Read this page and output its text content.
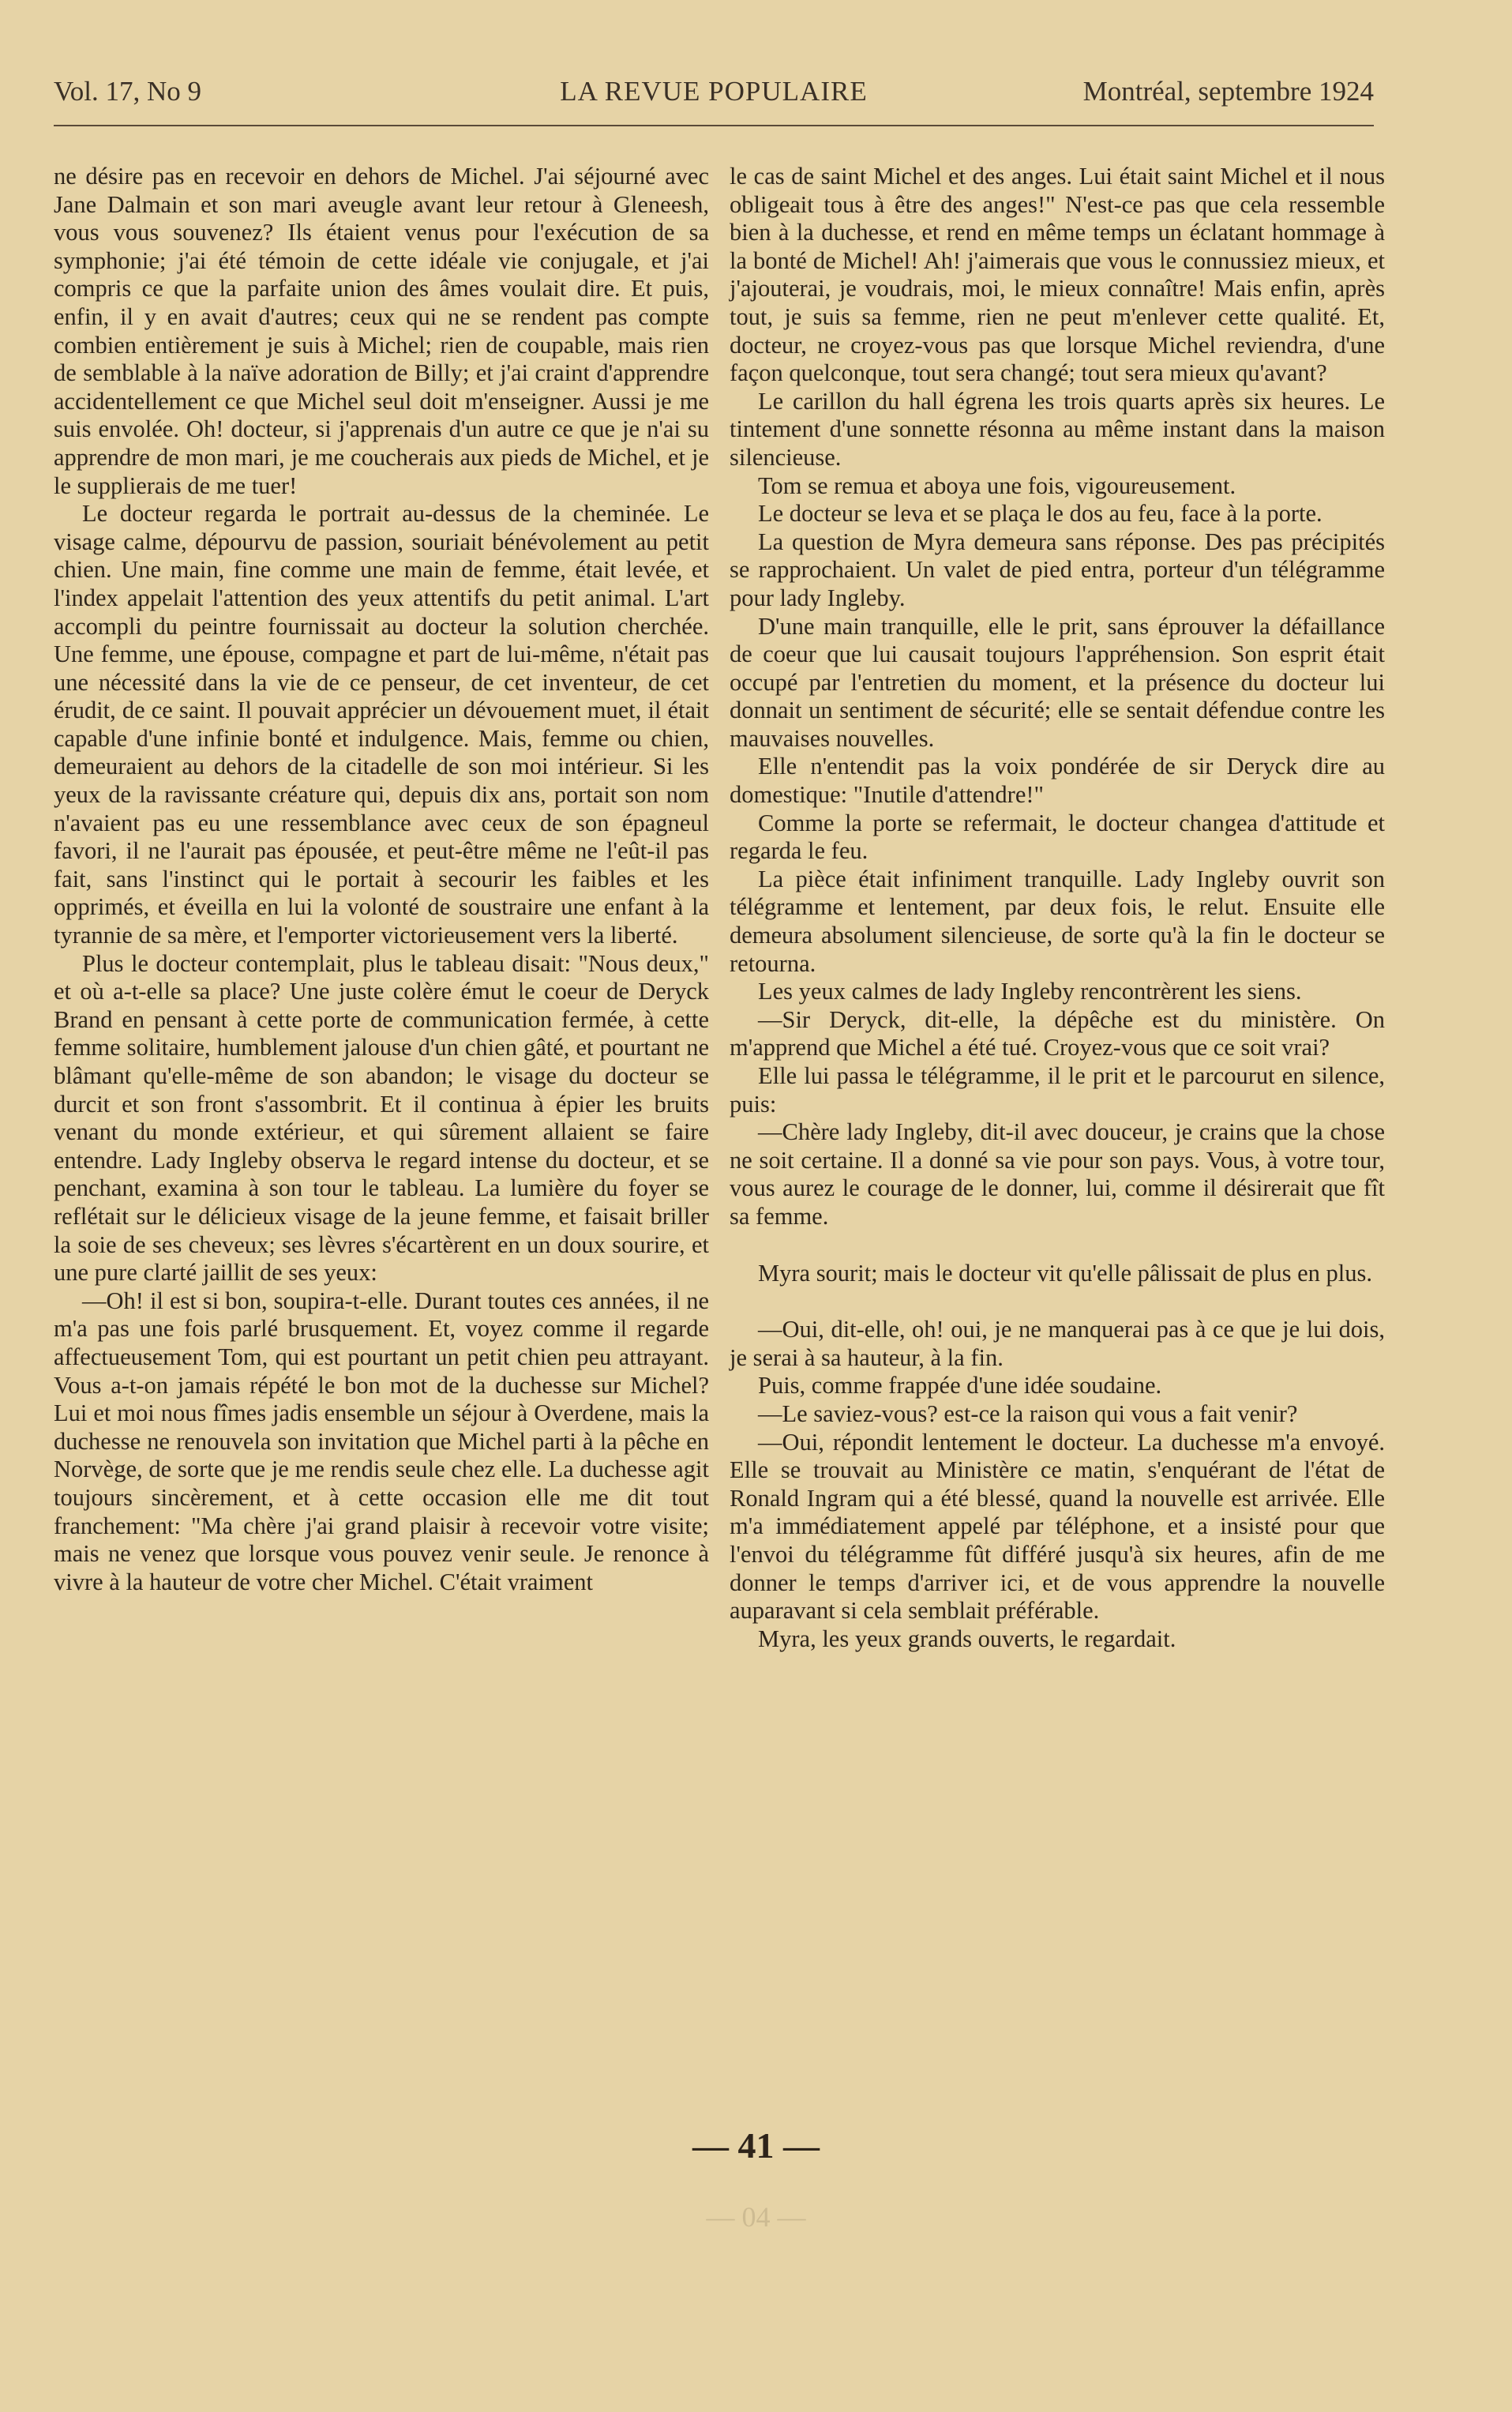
Vol. 17, No 9	LA REVUE POPULAIRE	Montréal, septembre 1924

ne désire pas en recevoir en dehors de Michel. J'ai séjourné avec Jane Dalmain et son mari aveugle avant leur retour à Gleneesh, vous vous souvenez? Ils étaient venus pour l'exécution de sa symphonie; j'ai été témoin de cette idéale vie conjugale, et j'ai compris ce que la parfaite union des âmes voulait dire. Et puis, enfin, il y en avait d'autres; ceux qui ne se rendent pas compte combien entièrement je suis à Michel; rien de coupable, mais rien de semblable à la naïve adoration de Billy; et j'ai craint d'apprendre accidentellement ce que Michel seul doit m'enseigner. Aussi je me suis envolée. Oh! docteur, si j'apprenais d'un autre ce que je n'ai su apprendre de mon mari, je me coucherais aux pieds de Michel, et je le supplierais de me tuer!

Le docteur regarda le portrait au-dessus de la cheminée. Le visage calme, dépourvu de passion, souriait bénévolement au petit chien. Une main, fine comme une main de femme, était levée, et l'index appelait l'attention des yeux attentifs du petit animal. L'art accompli du peintre fournissait au docteur la solution cherchée. Une femme, une épouse, compagne et part de lui-même, n'était pas une nécessité dans la vie de ce penseur, de cet inventeur, de cet érudit, de ce saint. Il pouvait apprécier un dévouement muet, il était capable d'une infinie bonté et indulgence. Mais, femme ou chien, demeuraient au dehors de la citadelle de son moi intérieur. Si les yeux de la ravissante créature qui, depuis dix ans, portait son nom n'avaient pas eu une ressemblance avec ceux de son épagneul favori, il ne l'aurait pas épousée, et peut-être même ne l'eût-il pas fait, sans l'instinct qui le portait à secourir les faibles et les opprimés, et éveilla en lui la volonté de soustraire une enfant à la tyrannie de sa mère, et l'emporter victorieusement vers la liberté.

Plus le docteur contemplait, plus le tableau disait: "Nous deux," et où a-t-elle sa place? Une juste colère émut le coeur de Deryck Brand en pensant à cette porte de communication fermée, à cette femme solitaire, humblement jalouse d'un chien gâté, et pourtant ne blâmant qu'elle-même de son abandon; le visage du docteur se durcit et son front s'assombrit. Et il continua à épier les bruits venant du monde extérieur, et qui sûrement allaient se faire entendre. Lady Ingleby observa le regard intense du docteur, et se penchant, examina à son tour le tableau. La lumière du foyer se reflétait sur le délicieux visage de la jeune femme, et faisait briller la soie de ses cheveux; ses lèvres s'écartèrent en un doux sourire, et une pure clarté jaillit de ses yeux:

—Oh! il est si bon, soupira-t-elle. Durant toutes ces années, il ne m'a pas une fois parlé brusquement. Et, voyez comme il regarde affectueusement Tom, qui est pourtant un petit chien peu attrayant. Vous a-t-on jamais répété le bon mot de la duchesse sur Michel? Lui et moi nous fîmes jadis ensemble un séjour à Overdene, mais la duchesse ne renouvela son invitation que Michel parti à la pêche en Norvège, de sorte que je me rendis seule chez elle. La duchesse agit toujours sincèrement, et à cette occasion elle me dit tout franchement: "Ma chère j'ai grand plaisir à recevoir votre visite; mais ne venez que lorsque vous pouvez venir seule. Je renonce à vivre à la hauteur de votre cher Michel. C'était vraiment

le cas de saint Michel et des anges. Lui était saint Michel et il nous obligeait tous à être des anges!" N'est-ce pas que cela ressemble bien à la duchesse, et rend en même temps un éclatant hommage à la bonté de Michel! Ah! j'aimerais que vous le connussiez mieux, et j'ajouterai, je voudrais, moi, le mieux connaître! Mais enfin, après tout, je suis sa femme, rien ne peut m'enlever cette qualité. Et, docteur, ne croyez-vous pas que lorsque Michel reviendra, d'une façon quelconque, tout sera changé; tout sera mieux qu'avant?

Le carillon du hall égrena les trois quarts après six heures. Le tintement d'une sonnette résonna au même instant dans la maison silencieuse.

Tom se remua et aboya une fois, vigoureusement.

Le docteur se leva et se plaça le dos au feu, face à la porte.

La question de Myra demeura sans réponse. Des pas précipités se rapprochaient. Un valet de pied entra, porteur d'un télégramme pour lady Ingleby.

D'une main tranquille, elle le prit, sans éprouver la défaillance de coeur que lui causait toujours l'appréhension. Son esprit était occupé par l'entretien du moment, et la présence du docteur lui donnait un sentiment de sécurité; elle se sentait défendue contre les mauvaises nouvelles.

Elle n'entendit pas la voix pondérée de sir Deryck dire au domestique: "Inutile d'attendre!"

Comme la porte se refermait, le docteur changea d'attitude et regarda le feu.

La pièce était infiniment tranquille. Lady Ingleby ouvrit son télégramme et lentement, par deux fois, le relut. Ensuite elle demeura absolument silencieuse, de sorte qu'à la fin le docteur se retourna.

Les yeux calmes de lady Ingleby rencontrèrent les siens.

—Sir Deryck, dit-elle, la dépêche est du ministère. On m'apprend que Michel a été tué. Croyez-vous que ce soit vrai?

Elle lui passa le télégramme, il le prit et le parcourut en silence, puis:

—Chère lady Ingleby, dit-il avec douceur, je crains que la chose ne soit certaine. Il a donné sa vie pour son pays. Vous, à votre tour, vous aurez le courage de le donner, lui, comme il désirerait que fît sa femme.

Myra sourit; mais le docteur vit qu'elle pâlissait de plus en plus.

—Oui, dit-elle, oh! oui, je ne manquerai pas à ce que je lui dois, je serai à sa hauteur, à la fin.

Puis, comme frappée d'une idée soudaine.

—Le saviez-vous? est-ce la raison qui vous a fait venir?

—Oui, répondit lentement le docteur. La duchesse m'a envoyé. Elle se trouvait au Ministère ce matin, s'enquérant de l'état de Ronald Ingram qui a été blessé, quand la nouvelle est arrivée. Elle m'a immédiatement appelé par téléphone, et a insisté pour que l'envoi du télégramme fût différé jusqu'à six heures, afin de me donner le temps d'arriver ici, et de vous apprendre la nouvelle auparavant si cela semblait préférable.

Myra, les yeux grands ouverts, le regardait.

— 41 —
— 04 —
